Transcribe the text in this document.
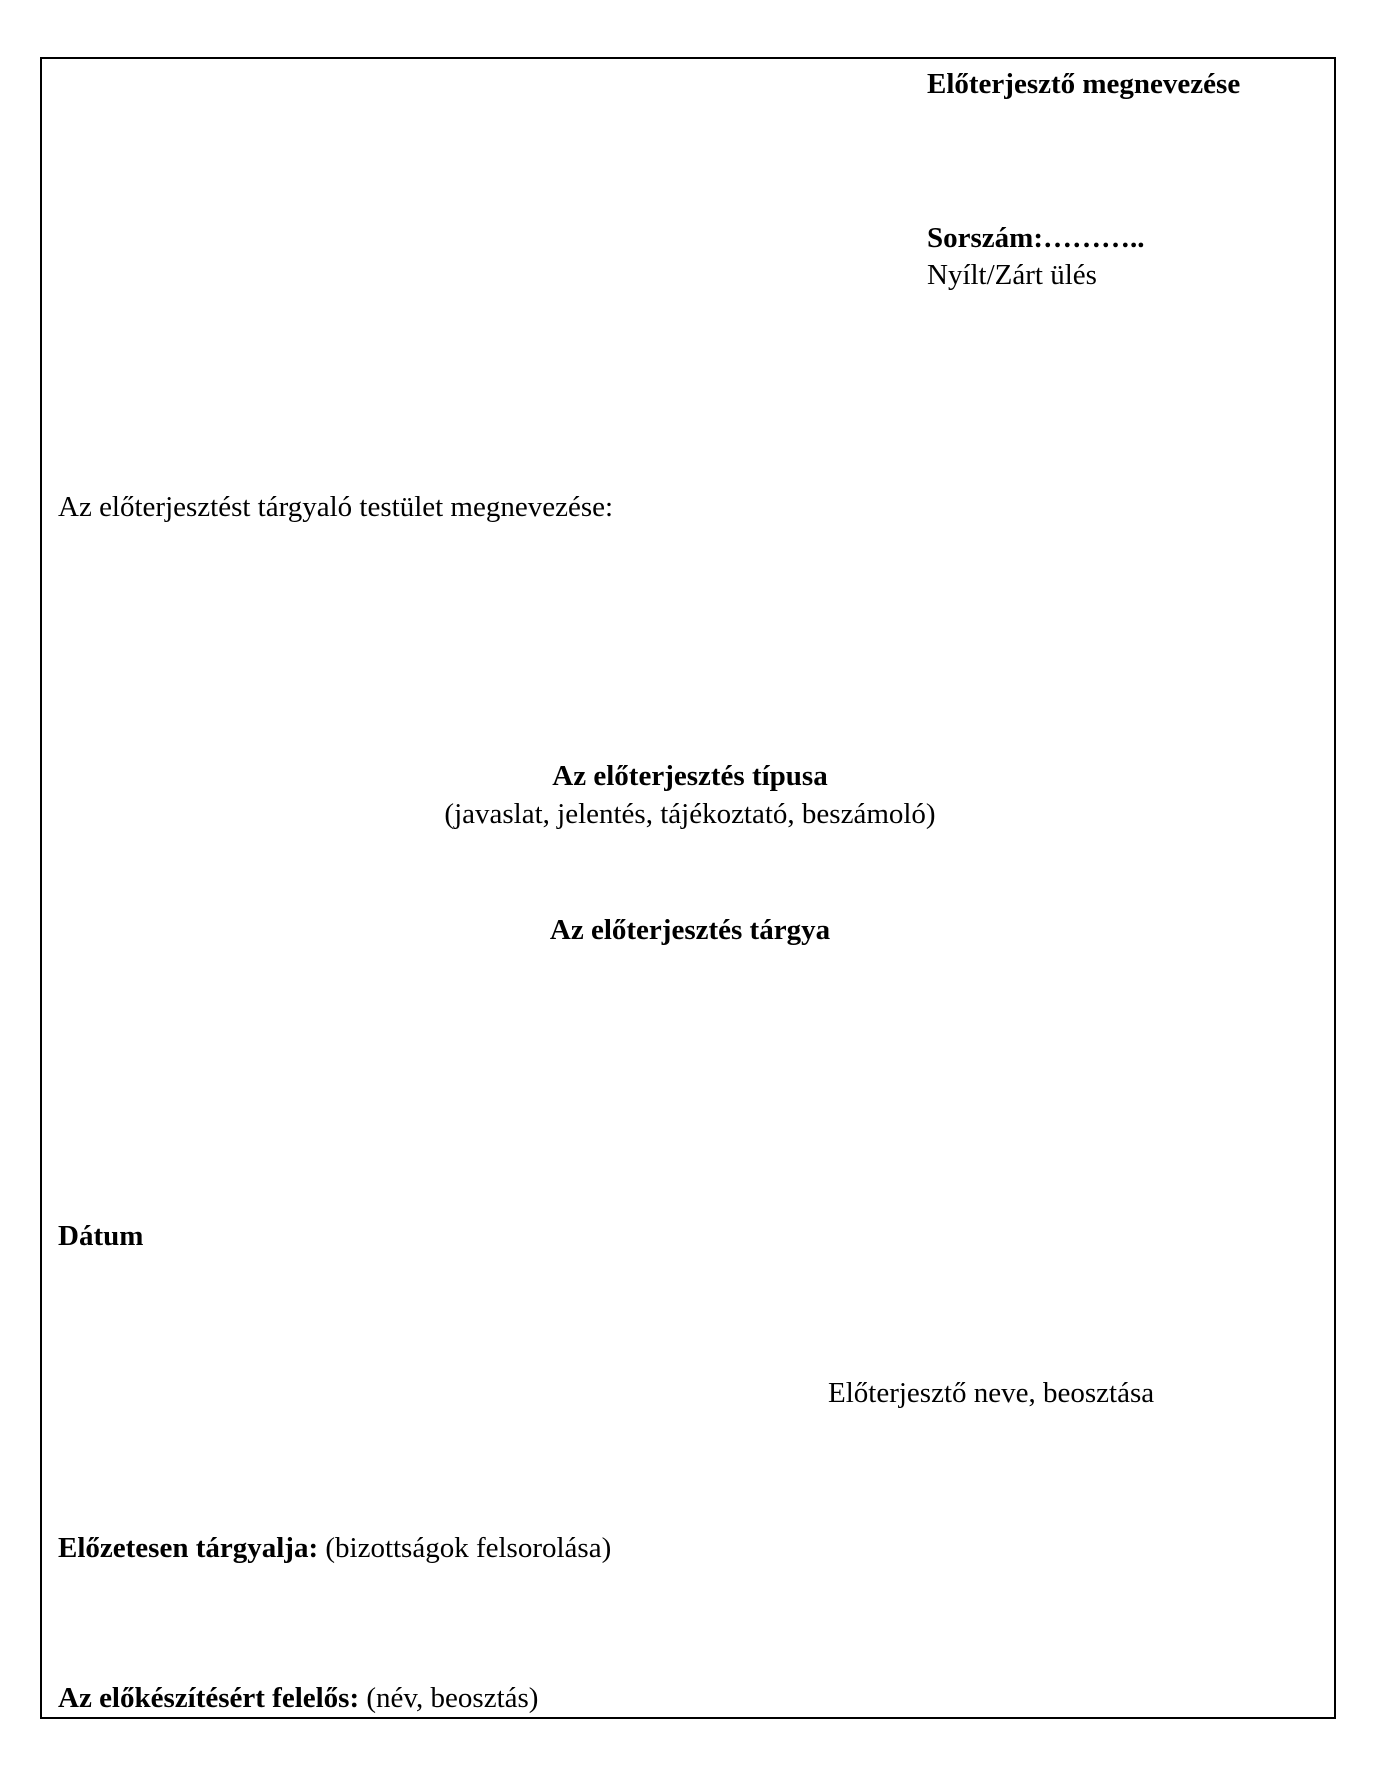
Előterjesztő megnevezése
Sorszám:………..
Nyílt/Zárt ülés
Az előterjesztést tárgyaló testület megnevezése:
Az előterjesztés típusa
(javaslat, jelentés, tájékoztató, beszámoló)
Az előterjesztés tárgya
Dátum
Előterjesztő neve, beosztása
Előzetesen tárgyalja: (bizottságok felsorolása)
Az előkészítésért felelős: (név, beosztás)
